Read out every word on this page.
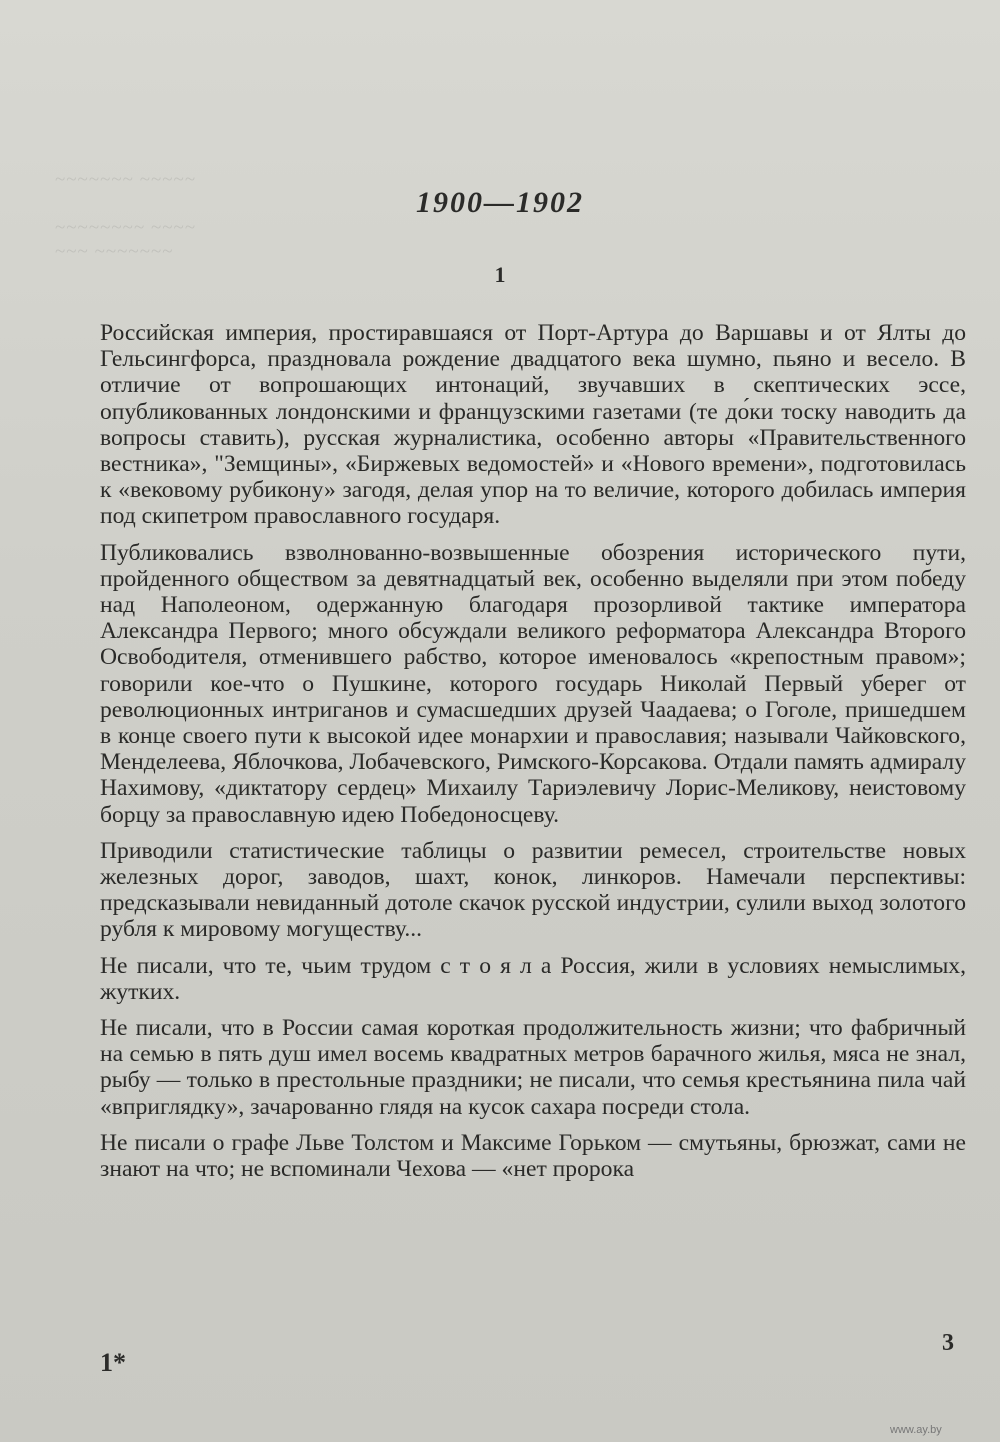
~~~~~~~ ~~~~~

~~~~~~~~ ~~~~
~~~ ~~~~~~~
1900—1902
1

Российская империя, простиравшаяся от Порт-Артура до Варшавы и от Ялты до Гельсингфорса, праздновала рождение двадцатого века шумно, пьяно и весело. В отличие от вопрошающих интонаций, звучавших в скептических эссе, опубликованных лондонскими и французскими газетами (те до́ки тоску наводить да вопросы ставить), русская журналистика, особенно авторы «Правительственного вестника», "Земщины», «Биржевых ведомостей» и «Нового времени», подготовилась к «вековому рубикону» загодя, делая упор на то величие, которого добилась империя под скипетром православного государя.

Публиковались взволнованно-возвышенные обозрения исторического пути, пройденного обществом за девятнадцатый век, особенно выделяли при этом победу над Наполеоном, одержанную благодаря прозорливой тактике императора Александра Первого; много обсуждали великого реформатора Александра Второго Освободителя, отменившего рабство, которое именовалось «крепостным правом»; говорили кое-что о Пушкине, которого государь Николай Первый уберег от революционных интриганов и сумасшедших друзей Чаадаева; о Гоголе, пришедшем в конце своего пути к высокой идее монархии и православия; называли Чайковского, Менделеева, Яблочкова, Лобачевского, Римского-Корсакова. Отдали память адмиралу Нахимову, «диктатору сердец» Михаилу Тариэлевичу Лорис-Меликову, неистовому борцу за православную идею Победоносцеву.

Приводили статистические таблицы о развитии ремесел, строительстве новых железных дорог, заводов, шахт, конок, линкоров. Намечали перспективы: предсказывали невиданный дотоле скачок русской индустрии, сулили выход золотого рубля к мировому могуществу...

Не писали, что те, чьим трудом с т о я л а Россия, жили в условиях немыслимых, жутких.

Не писали, что в России самая короткая продолжительность жизни; что фабричный на семью в пять душ имел восемь квадратных метров барачного жилья, мяса не знал, рыбу — только в престольные праздники; не писали, что семья крестьянина пила чай «вприглядку», зачарованно глядя на кусок сахара посреди стола.

Не писали о графе Льве Толстом и Максиме Горьком — смутьяны, брюзжат, сами не знают на что; не вспоминали Чехова — «нет пророка

1*
3
www.ay.by
